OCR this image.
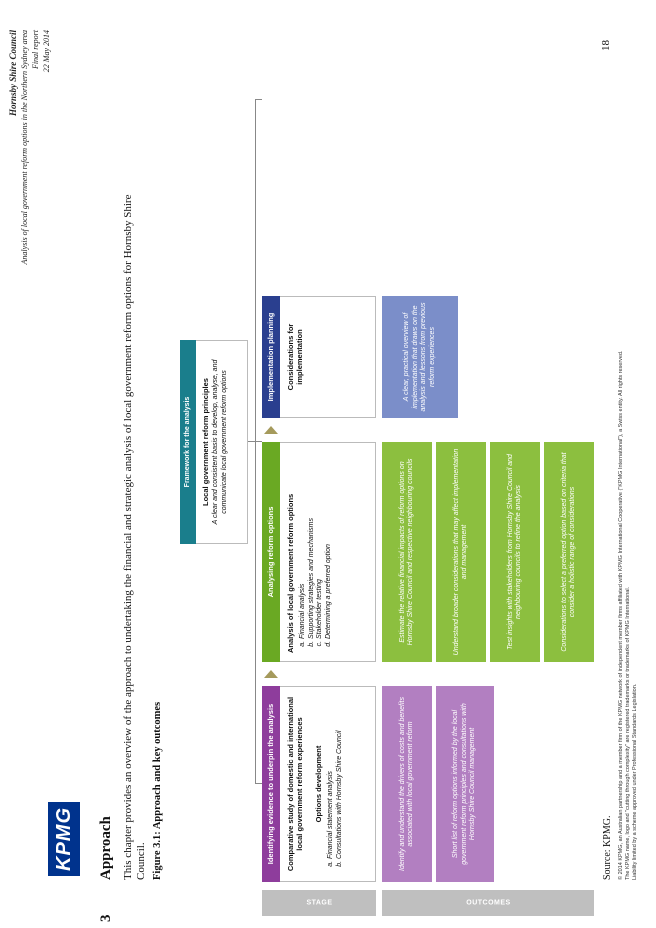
Hornsby Shire Council Analysis of local government reform options in the Northern Sydney area Final report 22 May 2014
KPMG
3
Approach This chapter provides an overview of the approach to undertaking the financial and strategic analysis of local government reform options for Hornsby Shire Council. Figure 3.1: Approach and key outcomes
STAGE	OUTCOMES
Framework for the analysis	Local government reform principles A clear and consistent basis to develop, analyse, and communicate local government reform options
Identifying evidence to underpin the analysis	Comparative study of domestic and international local government reform experiences Options development a. Financial statement analysis b. Consultations with Hornsby Shire Council
Analysing reform options	Analysis of local government reform options a. Financial analysis b. Supporting strategies and mechanisms c. Stakeholder testing d. Determining a preferred option
Implementation planning	Considerations for implementation
Identify and understand the drivers of costs and benefits associated with local government reform	Short list of reform options informed by the local government reform principles and consultations with Hornsby Shire Council management
Estimate the relative financial impacts of reform options on Hornsby Shire Council and respective neighbouring councils	Understand broader considerations that may affect implementation and management	Test insights with stakeholders from Hornsby Shire Council and neighbouring councils to refine the analysis	Considerations to select a preferred option based on criteria that consider a holistic range of considerations
A clear, practical overview of implementation that draws on the analysis and lessons from previous reform experiences
Source: KPMG. © 2014 KPMG, an Australian partnership and a member firm of the KPMG network of independent member firms affiliated with KPMG International Cooperative ("KPMG International"), a Swiss entity. All rights reserved. The KPMG name, logo and "cutting through complexity" are registered trademarks or trademarks of KPMG International. Liability limited by a scheme approved under Professional Standards Legislation.
18
